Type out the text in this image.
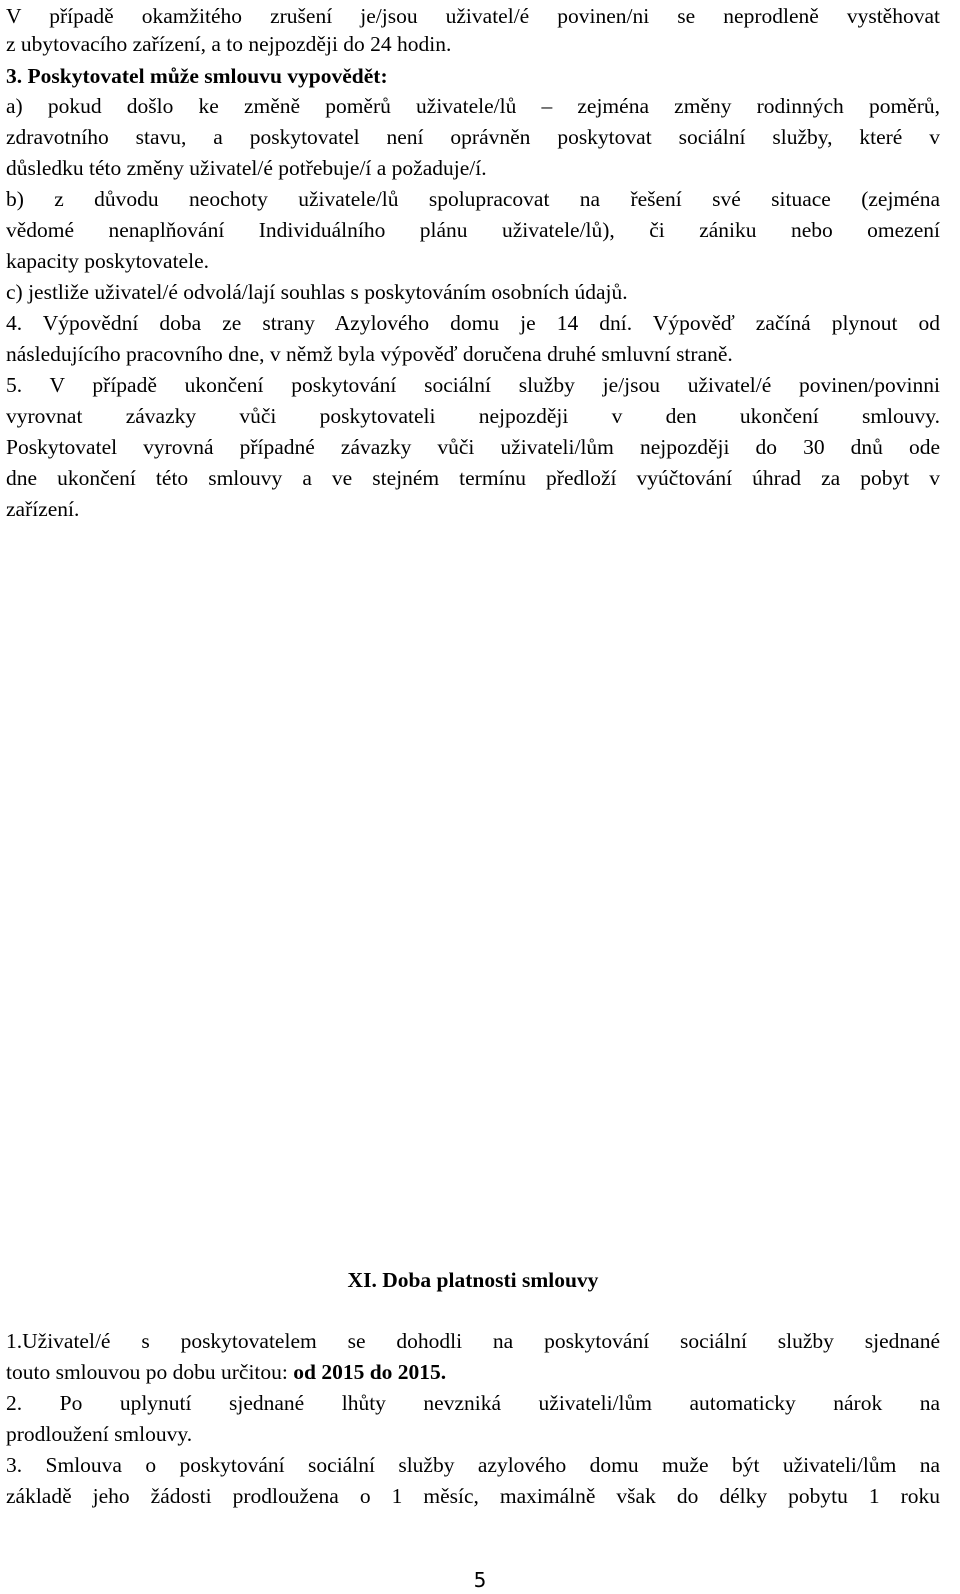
V případě okamžitého zrušení je/jsou uživatel/é povinen/ni se neprodleně vystěhovat
z ubytovacího zařízení, a to nejpozději do 24 hodin.
3. Poskytovatel může smlouvu vypovědět:
a) pokud došlo ke změně poměrů uživatele/lů – zejména změny rodinných poměrů,
zdravotního stavu, a poskytovatel není oprávněn poskytovat sociální služby, které v
důsledku této změny uživatel/é potřebuje/í a požaduje/í.
b) z důvodu neochoty uživatele/lů spolupracovat na řešení své situace (zejména
vědomé nenaplňování Individuálního plánu uživatele/lů), či zániku nebo omezení
kapacity poskytovatele.
c) jestliže uživatel/é odvolá/lají souhlas s poskytováním osobních údajů.
4. Výpovědní doba ze strany Azylového domu je 14 dní. Výpověď začíná plynout od
následujícího pracovního dne, v němž byla výpověď doručena druhé smluvní straně.
5. V případě ukončení poskytování sociální služby je/jsou uživatel/é povinen/povinni
vyrovnat závazky vůči poskytovateli nejpozději v den ukončení smlouvy.
Poskytovatel vyrovná případné závazky vůči uživateli/lům nejpozději do 30 dnů ode
dne ukončení této smlouvy a ve stejném termínu předloží vyúčtování úhrad za pobyt v
zařízení.
XI. Doba platnosti smlouvy
1.Uživatel/é s poskytovatelem se dohodli na poskytování sociální služby sjednané
touto smlouvou po dobu určitou: od 2015 do 2015.
2. Po uplynutí sjednané lhůty nevzniká uživateli/lům automaticky nárok na
prodloužení smlouvy.
3. Smlouva o poskytování sociální služby azylového domu muže být uživateli/lům na
základě jeho žádosti prodloužena o 1 měsíc, maximálně však do délky pobytu 1 roku
5
